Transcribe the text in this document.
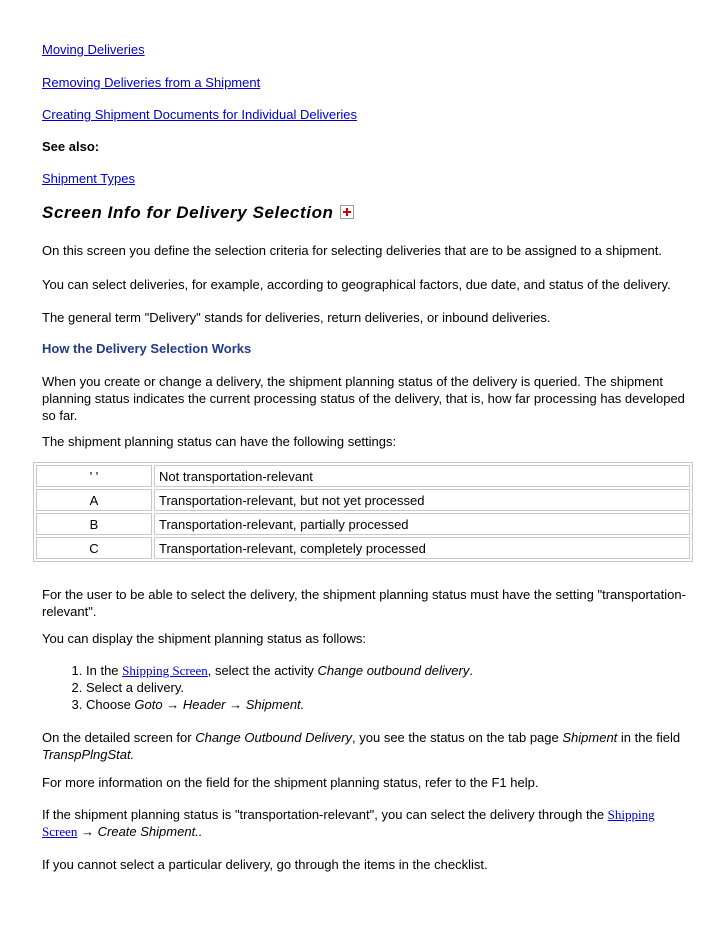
Moving Deliveries

Removing Deliveries from a Shipment

Creating Shipment Documents for Individual Deliveries

See also:

Shipment Types

Screen Info for Delivery Selection

On this screen you define the selection criteria for selecting deliveries that are to be assigned to a shipment.

You can select deliveries, for example, according to geographical factors, due date, and status of the delivery.

The general term "Delivery" stands for deliveries, return deliveries, or inbound deliveries.

How the Delivery Selection Works

When you create or change a delivery, the shipment planning status of the delivery is queried. The shipment planning status indicates the current processing status of the delivery, that is, how far processing has developed so far.

The shipment planning status can have the following settings:

' '	Not transportation-relevant
A	Transportation-relevant, but not yet processed
B	Transportation-relevant, partially processed
C	Transportation-relevant, completely processed

For the user to be able to select the delivery, the shipment planning status must have the setting "transportation-relevant".

You can display the shipment planning status as follows:

1. In the Shipping Screen, select the activity Change outbound delivery.
2. Select a delivery.
3. Choose Goto → Header → Shipment.

On the detailed screen for Change Outbound Delivery, you see the status on the tab page Shipment in the field TranspPlngStat.

For more information on the field for the shipment planning status, refer to the F1 help.

If the shipment planning status is "transportation-relevant", you can select the delivery through the Shipping Screen → Create Shipment..

If you cannot select a particular delivery, go through the items in the checklist.
